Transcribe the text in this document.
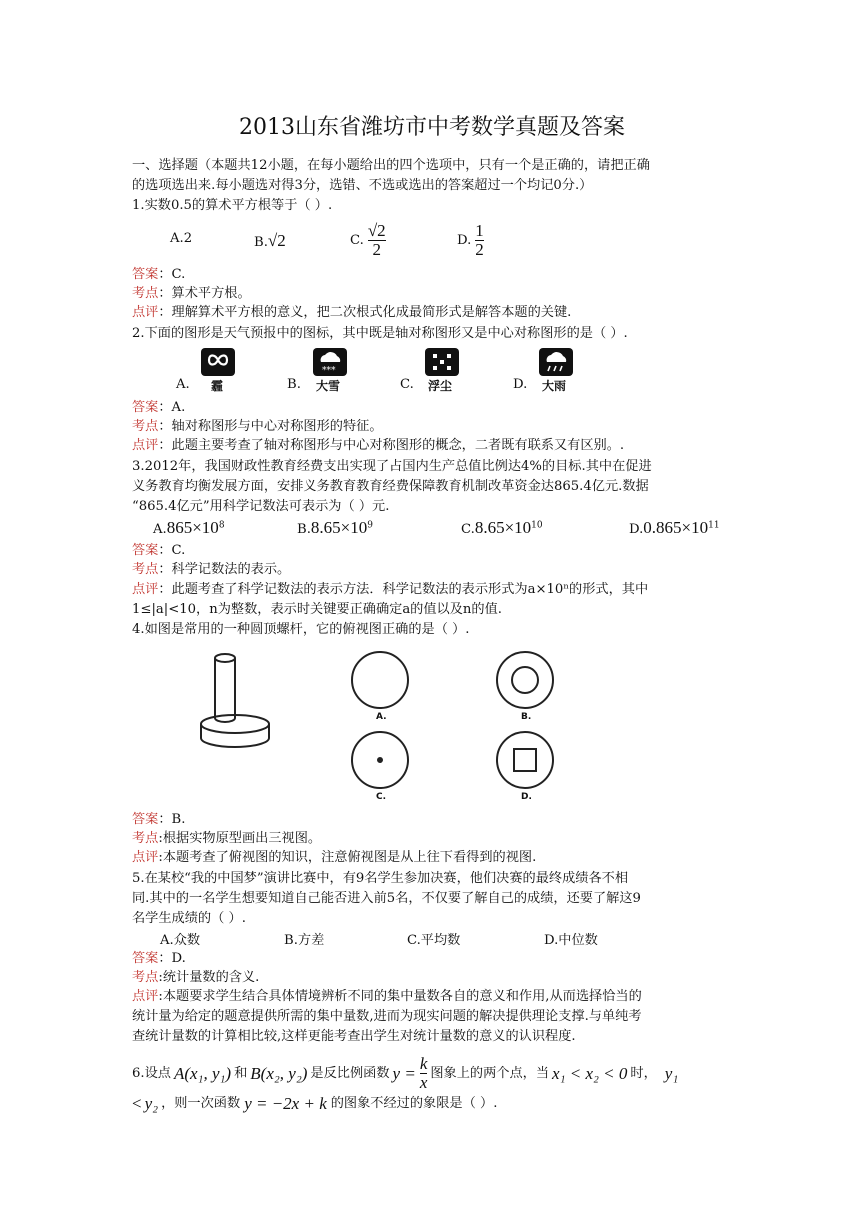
2013山东省潍坊市中考数学真题及答案
一、选择题（本题共12小题，在每小题给出的四个选项中，只有一个是正确的，请把正确
的选项选出来.每小题选对得3分，选错、不选或选出的答案超过一个均记0分.）
1.实数0.5的算术平方根等于（ ）.
A.2	B.√2	C. $\frac{√2}{2}$	D. $\frac{1}{2}$
答案：C.
考点：算术平方根。
点评：理解算术平方根的意义，把二次根式化成最简形式是解答本题的关键.
2.下面的图形是天气预报中的图标，其中既是轴对称图形又是中心对称图形的是（ ）.
A. 霾	B.
***
大雪	C. 浮尘	D. 大雨
答案：A.
考点：轴对称图形与中心对称图形的特征。
点评：此题主要考查了轴对称图形与中心对称图形的概念，二者既有联系又有区别。.
3.2012年，我国财政性教育经费支出实现了占国内生产总值比例达4%的目标.其中在促进
义务教育均衡发展方面，安排义务教育教育经费保障教育机制改革资金达865.4亿元.数据
“865.4亿元”用科学记数法可表示为（ ）元.
$A.865\times 10^8$	$B.8.65\times 10^9$	$C.8.65\times 10^{10}$	$D.0.865\times 10^{11}$
答案：C.
考点：科学记数法的表示。
点评：此题考查了科学记数法的表示方法．科学记数法的表示形式为a×10ⁿ的形式，其中
1≤|a|<10，n为整数，表示时关键要正确确定a的值以及n的值.
4.如图是常用的一种圆顶螺杆，它的俯视图正确的是（ ）.
A.	B.
C.	D.
答案：B.
考点:根据实物原型画出三视图。
点评:本题考查了俯视图的知识，注意俯视图是从上往下看得到的视图.
5.在某校“我的中国梦”演讲比赛中，有9名学生参加决赛，他们决赛的最终成绩各不相
同.其中的一名学生想要知道自己能否进入前5名，不仅要了解自己的成绩，还要了解这9
名学生成绩的（ ）.
A.众数	B.方差	C.平均数	D.中位数
答案：D.
考点:统计量数的含义.
点评:本题要求学生结合具体情境辨析不同的集中量数各自的意义和作用,从而选择恰当的
统计量为给定的题意提供所需的集中量数,进而为现实问题的解决提供理论支撑.与单纯考
查统计量数的计算相比较,这样更能考查出学生对统计量数的意义的认识程度.
6.设点 A(x₁, y₁) 和 B(x₂, y₂) 是反比例函数 $y = \frac{k}{x}$ 图象上的两个点，当 x₁ < x₂ < 0 时， y₁
< y₂ ，则一次函数 y = −2x + k 的图象不经过的象限是（ ）.
